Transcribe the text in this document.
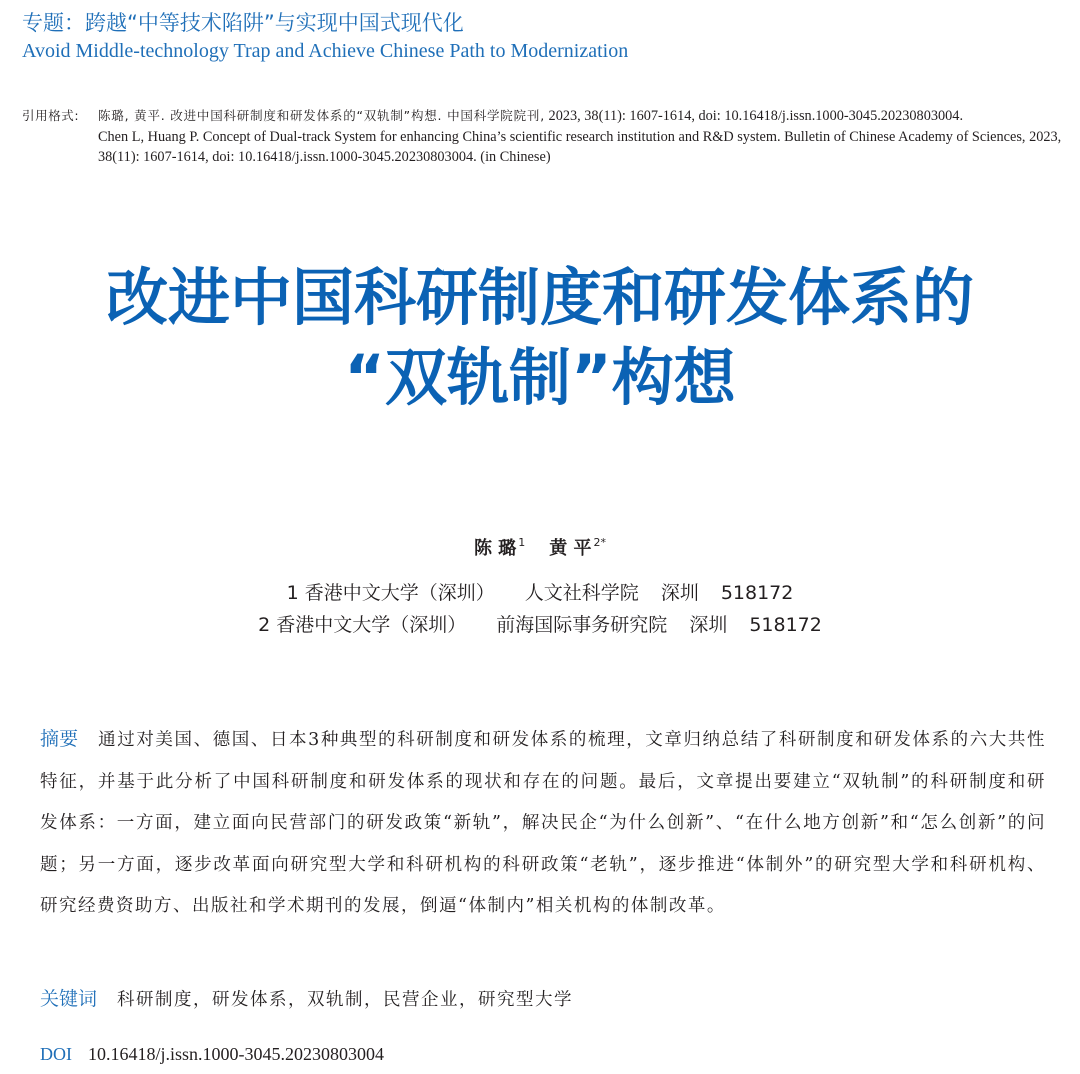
专题：跨越“中等技术陷阱”与实现中国式现代化
Avoid Middle-technology Trap and Achieve Chinese Path to Modernization
引用格式:	陈璐, 黄平. 改进中国科研制度和研发体系的“双轨制”构想. 中国科学院院刊, 2023, 38(11): 1607-1614, doi: 10.16418/j.issn.1000-3045.20230803004.
Chen L, Huang P. Concept of Dual-track System for enhancing China’s scientific research institution and R&D system. Bulletin of Chinese Academy of Sciences, 2023, 38(11): 1607-1614, doi: 10.16418/j.issn.1000-3045.20230803004. (in Chinese)
改进中国科研制度和研发体系的
“双轨制”构想
陈 璐 $^1$ 黄 平 $^{2*}$
1 香港中文大学（深圳） 人文社科学院 深圳 518172
2 香港中文大学（深圳） 前海国际事务研究院 深圳 518172
摘要 通过对美国、德国、日本3种典型的科研制度和研发体系的梳理，文章归纳总结了科研制度和研发体系的六大共性特征，并基于此分析了中国科研制度和研发体系的现状和存在的问题。最后，文章提出要建立“双轨制”的科研制度和研发体系：一方面，建立面向民营部门的研发政策“新轨”，解决民企“为什么创新”、“在什么地方创新”和“怎么创新”的问题；另一方面，逐步改革面向研究型大学和科研机构的科研政策“老轨”，逐步推进“体制外”的研究型大学和科研机构、研究经费资助方、出版社和学术期刊的发展，倒逼“体制内”相关机构的体制改革。
关键词 科研制度，研发体系，双轨制，民营企业，研究型大学
DOI 10.16418/j.issn.1000-3045.20230803004
